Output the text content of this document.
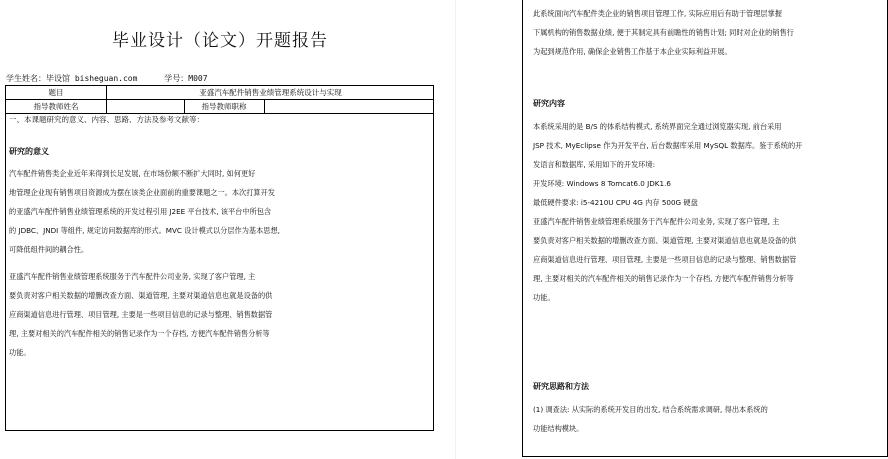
毕业设计（论文）开题报告
学生姓名：毕设馆 bisheguan.com	学号：M007
题目	亚盛汽车配件销售业绩管理系统设计与实现
指导教师姓名	指导教师职称
一、本课题研究的意义、内容、思路、方法及参考文献等：
研究的意义

汽车配件销售类企业近年来得到长足发展, 在市场份额不断扩大同时, 如何更好

地管理企业现有销售项目资源成为摆在该类企业面前的重要课题之一。本次打算开发

的亚盛汽车配件销售业绩管理系统的开发过程引用 J2EE 平台技术, 该平台中所包含

的 JDBC、JNDI 等组件, 规定访问数据库的形式。MVC 设计模式以分层作为基本思想,

可降低组件间的耦合性。

亚盛汽车配件销售业绩管理系统服务于汽车配件公司业务, 实现了客户管理, 主

要负责对客户相关数据的增删改查方面、渠道管理, 主要对渠道信息也就是设备的供

应商渠道信息进行管理、项目管理, 主要是一些项目信息的记录与整理、销售数据管

理, 主要对相关的汽车配件相关的销售记录作为一个存档, 方便汽车配件销售分析等

功能。

此系统面向汽车配件类企业的销售项目管理工作, 实际应用后有助于管理层掌握

下属机构的销售数据业绩, 便于其制定具有前瞻性的销售计划; 同时对企业的销售行

为起到规范作用, 确保企业销售工作基于本企业实际利益开展。

研究内容

本系统采用的是 B/S 的体系结构模式, 系统界面完全通过浏览器实现, 前台采用

JSP 技术, MyEclipse 作为开发平台, 后台数据库采用 MySQL 数据库。鉴于系统的开

发语言和数据库, 采用如下的开发环境:

开发环境: Windows 8 Tomcat6.0 JDK1.6

最低硬件要求: i5-4210U CPU 4G 内存 500G 硬盘

亚盛汽车配件销售业绩管理系统服务于汽车配件公司业务, 实现了客户管理, 主

要负责对客户相关数据的增删改查方面、渠道管理, 主要对渠道信息也就是设备的供

应商渠道信息进行管理、项目管理, 主要是一些项目信息的记录与整理、销售数据管

理, 主要对相关的汽车配件相关的销售记录作为一个存档, 方便汽车配件销售分析等

功能。

研究思路和方法

(1) 调查法: 从实际的系统开发目的出发, 结合系统需求调研, 得出本系统的

功能结构模块。
